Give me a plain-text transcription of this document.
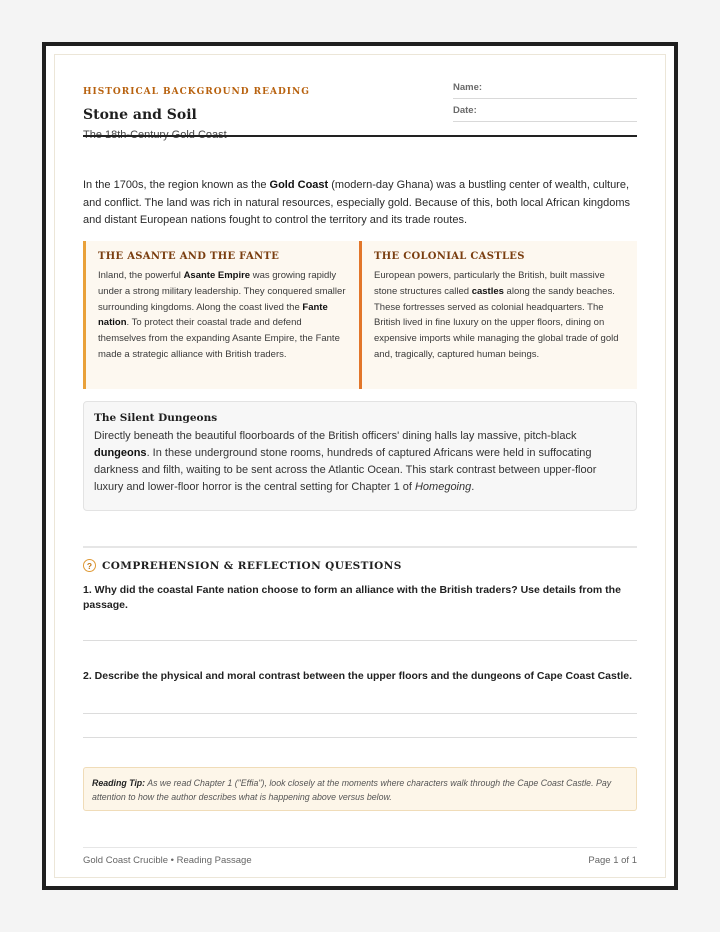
HISTORICAL BACKGROUND READING
Stone and Soil
Name:
Date:

In the 1700s, the region known as the Gold Coast (modern-day Ghana) was a bustling center of wealth, culture, and conflict. The land was rich in natural resources, especially gold. Because of this, both local African kingdoms and distant European nations fought to control the territory and its trade routes.

THE ASANTE AND THE FANTE
Inland, the powerful Asante Empire was growing rapidly under a strong military leadership. They conquered smaller surrounding kingdoms. Along the coast lived the Fante nation. To protect their coastal trade and defend themselves from the expanding Asante Empire, the Fante made a strategic alliance with British traders.
THE COLONIAL CASTLES
European powers, particularly the British, built massive stone structures called castles along the sandy beaches. These fortresses served as colonial headquarters. The British lived in fine luxury on the upper floors, dining on expensive imports while managing the global trade of gold and, tragically, captured human beings.
The Silent Dungeons
Directly beneath the beautiful floorboards of the British officers' dining halls lay massive, pitch-black dungeons. In these underground stone rooms, hundreds of captured Africans were held in suffocating darkness and filth, waiting to be sent across the Atlantic Ocean. This stark contrast between upper-floor luxury and lower-floor horror is the central setting for Chapter 1 of Homegoing.
? COMPREHENSION & REFLECTION QUESTIONS
1. Why did the coastal Fante nation choose to form an alliance with the British traders? Use details from the passage.
2. Describe the physical and moral contrast between the upper floors and the dungeons of Cape Coast Castle.
Reading Tip: As we read Chapter 1 ("Effia"), look closely at the moments where characters walk through the Cape Coast Castle. Pay attention to how the author describes what is happening above versus below.
Gold Coast Crucible • Reading Passage	Page 1 of 1
